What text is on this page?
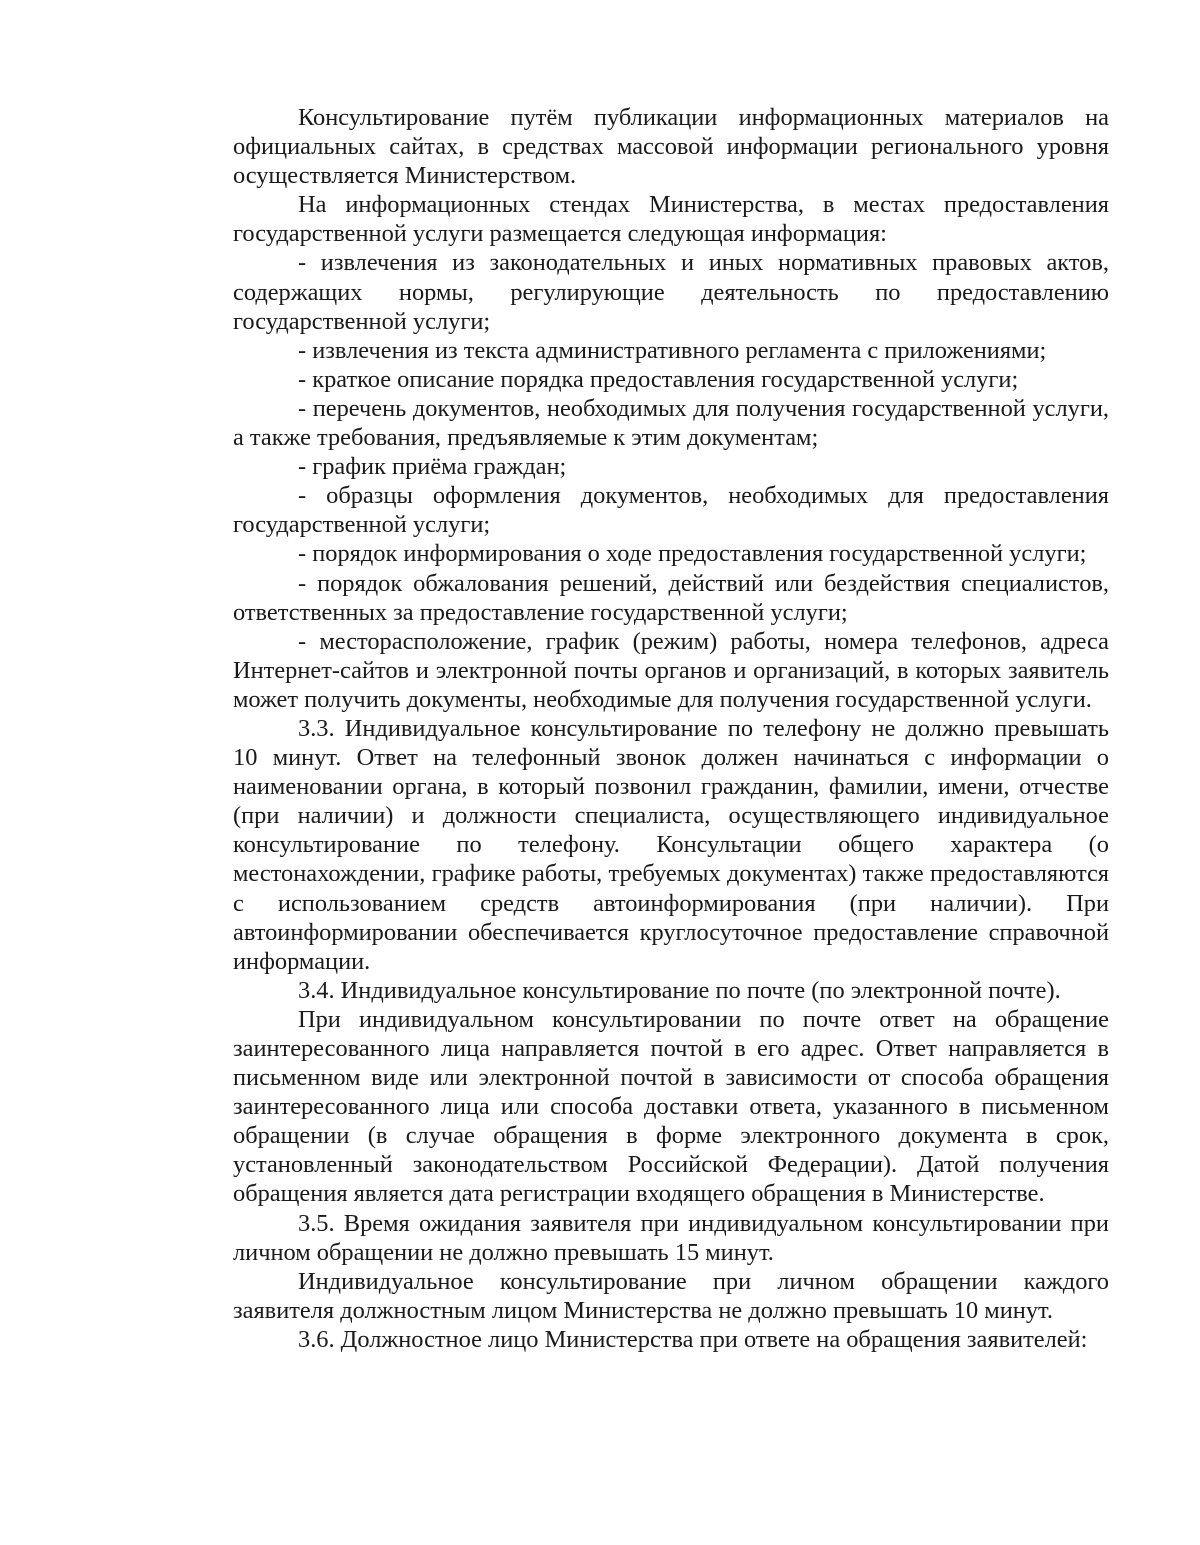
Консультирование путём публикации информационных материалов на официальных сайтах, в средствах массовой информации регионального уровня осуществляется Министерством.

На информационных стендах Министерства, в местах предоставления государственной услуги размещается следующая информация:

- извлечения из законодательных и иных нормативных правовых актов, содержащих нормы, регулирующие деятельность по предоставлению государственной услуги;

- извлечения из текста административного регламента с приложениями;

- краткое описание порядка предоставления государственной услуги;

- перечень документов, необходимых для получения государственной услуги, а также требования, предъявляемые к этим документам;

- график приёма граждан;

- образцы оформления документов, необходимых для предоставления государственной услуги;

- порядок информирования о ходе предоставления государственной услуги;

- порядок обжалования решений, действий или бездействия специалистов, ответственных за предоставление государственной услуги;

- месторасположение, график (режим) работы, номера телефонов, адреса Интернет-сайтов и электронной почты органов и организаций, в которых заявитель может получить документы, необходимые для получения государственной услуги.

3.3. Индивидуальное консультирование по телефону не должно превышать 10 минут. Ответ на телефонный звонок должен начинаться с информации о наименовании органа, в который позвонил гражданин, фамилии, имени, отчестве (при наличии) и должности специалиста, осуществляющего индивидуальное консультирование по телефону. Консультации общего характера (о местонахождении, графике работы, требуемых документах) также предоставляются с использованием средств автоинформирования (при наличии). При автоинформировании обеспечивается круглосуточное предоставление справочной информации.

3.4. Индивидуальное консультирование по почте (по электронной почте).

При индивидуальном консультировании по почте ответ на обращение заинтересованного лица направляется почтой в его адрес. Ответ направляется в письменном виде или электронной почтой в зависимости от способа обращения заинтересованного лица или способа доставки ответа, указанного в письменном обращении (в случае обращения в форме электронного документа в срок, установленный законодательством Российской Федерации). Датой получения обращения является дата регистрации входящего обращения в Министерстве.

3.5. Время ожидания заявителя при индивидуальном консультировании при личном обращении не должно превышать 15 минут.

Индивидуальное консультирование при личном обращении каждого заявителя должностным лицом Министерства не должно превышать 10 минут.

3.6. Должностное лицо Министерства при ответе на обращения заявителей:
